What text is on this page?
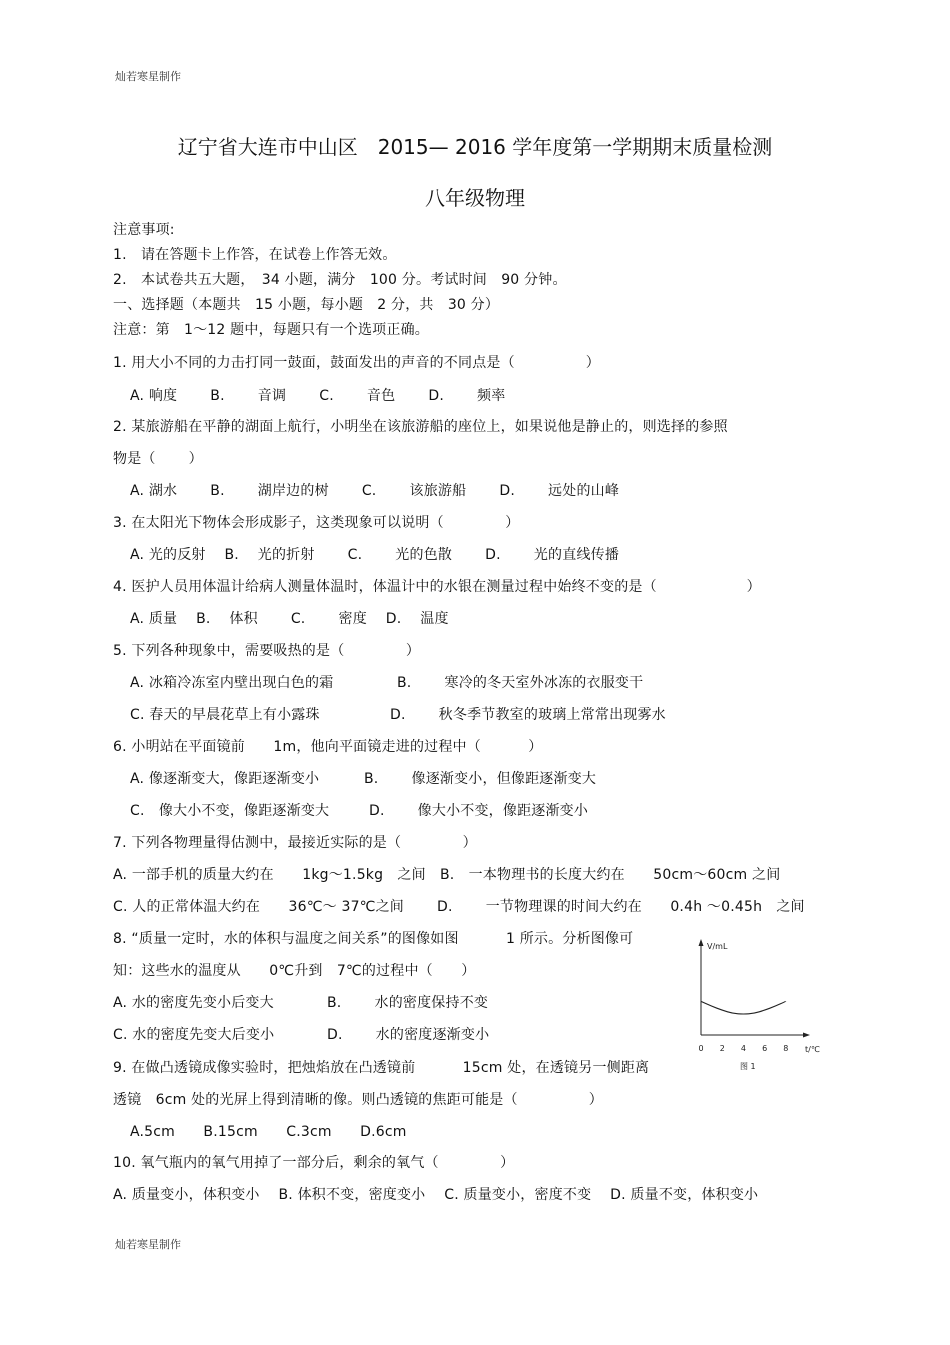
灿若寒星制作
灿若寒星制作
辽宁省大连市中山区　2015— 2016 学年度第一学期期末质量检测
八年级物理
注意事项:
1.　请在答题卡上作答，在试卷上作答无效。
2.　本试卷共五大题，　34 小题，满分　100 分。考试时间　90 分钟。
一、选择题（本题共　15 小题，每小题　2 分，共　30 分）
注意：第　1～12 题中，每题只有一个选项正确。
1. 用大小不同的力击打同一鼓面，鼓面发出的声音的不同点是（　　　　　）
A. 响度　　 B.　　 音调　　 C.　　 音色　　 D.　　 频率
2. 某旅游船在平静的湖面上航行，小明坐在该旅游船的座位上，如果说他是静止的，则选择的参照
物是（　　 ）
A. 湖水　　 B.　　 湖岸边的树　　 C.　　 该旅游船　　 D.　　 远处的山峰
3. 在太阳光下物体会形成影子，这类现象可以说明（　　　　 ）
A. 光的反射　 B.　 光的折射　　 C.　　 光的色散　　 D.　　 光的直线传播
4. 医护人员用体温计给病人测量体温时，体温计中的水银在测量过程中始终不变的是（　　　　　　 ）
A. 质量　 B.　 体积　　 C.　　 密度　 D.　 温度
5. 下列各种现象中，需要吸热的是（　　　　 ）
A. 冰箱冷冻室内壁出现白色的霜	B.　　 寒冷的冬天室外冰冻的衣服变干
C. 春天的早晨花草上有小露珠	D.　　 秋冬季节教室的玻璃上常常出现雾水
6. 小明站在平面镜前　　1m，他向平面镜走进的过程中（　　　 ）
A. 像逐渐变大，像距逐渐变小	B.　　 像逐渐变小，但像距逐渐变大
C.　像大小不变，像距逐渐变大	D.　　 像大小不变，像距逐渐变小
7. 下列各物理量得估测中，最接近实际的是（　　　　 ）
A. 一部手机的质量大约在　　1kg～1.5kg　之间　B.　一本物理书的长度大约在　　50cm～60cm 之间
C. 人的正常体温大约在　　36℃～ 37℃之间　　 D.　　 一节物理课的时间大约在　　0.4h ～0.45h　之间
8. “质量一定时，水的体积与温度之间关系”的图像如图　　　 1 所示。分析图像可
知：这些水的温度从　　0℃升到　7℃的过程中（　　）
A. 水的密度先变小后变大	B.　　 水的密度保持不变
C. 水的密度先变大后变小	D.　　 水的密度逐渐变小
V/mL
0 2 4 6 8 t/℃
图 1
9. 在做凸透镜成像实验时，把烛焰放在凸透镜前　　　 15cm 处，在透镜另一侧距离
透镜　6cm 处的光屏上得到清晰的像。则凸透镜的焦距可能是（　　　　　）
A.5cm　　B.15cm　　C.3cm　　D.6cm
10. 氧气瓶内的氧气用掉了一部分后，剩余的氧气（　　　　 ）
A. 质量变小，体积变小　 B. 体积不变，密度变小　 C. 质量变小，密度不变　 D. 质量不变，体积变小
